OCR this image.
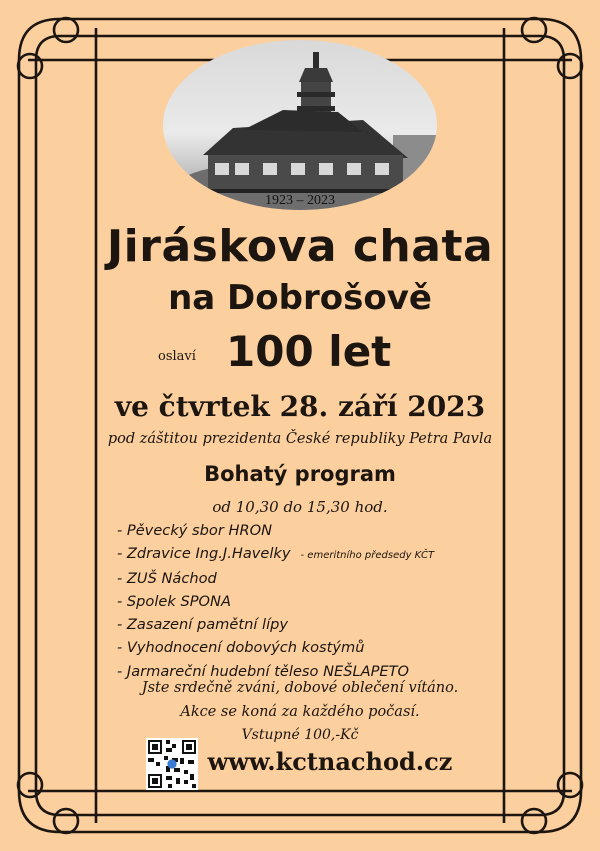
1923 – 2023
Jiráskova chata
na Dobrošově
oslaví 100 let
ve čtvrtek 28. září 2023
pod záštitou prezidenta České republiky Petra Pavla
Bohatý program
od 10,30 do 15,30 hod.
- Pěvecký sbor HRON
- Zdravice Ing.J.Havelky - emeritního předsedy KČT
- ZUŠ Náchod
- Spolek SPONA
- Zasazení pamětní lípy
- Vyhodnocení dobových kostýmů
- Jarmareční hudební těleso NEŠLAPETO
Jste srdečně zváni, dobové oblečení vítáno.
Akce se koná za každého počasí.
Vstupné 100,-Kč
www.kctnachod.cz
